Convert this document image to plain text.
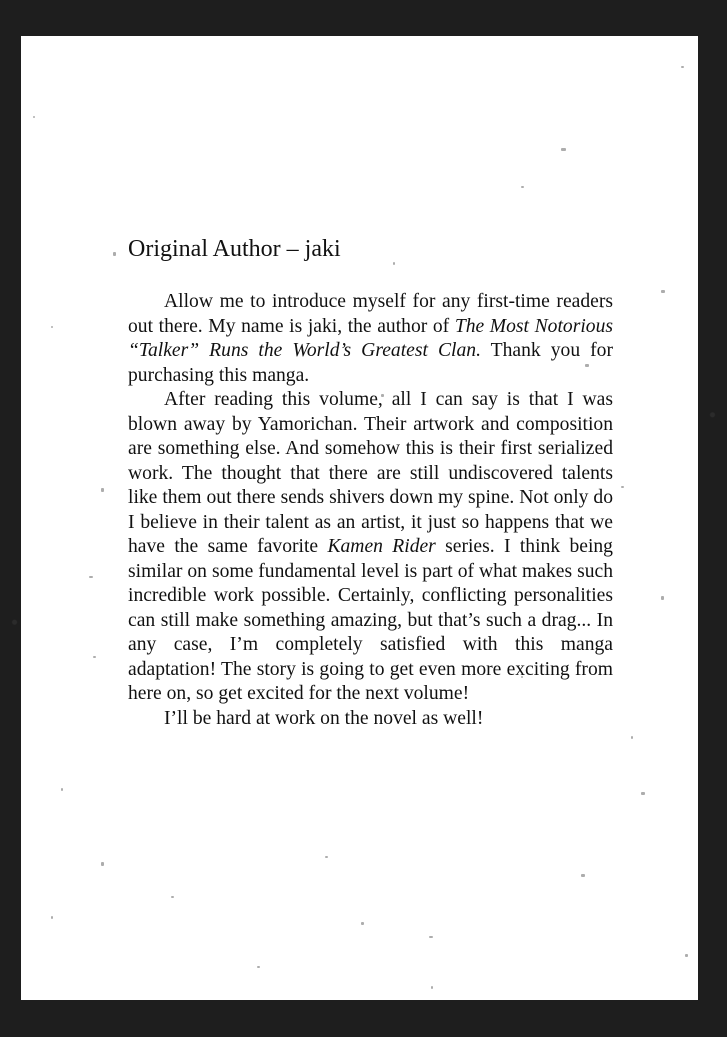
Original Author – jaki

Allow me to introduce myself for any first-time readers out there. My name is jaki, the author of The Most Notorious “Talker” Runs the World’s Greatest Clan. Thank you for purchasing this manga.

After reading this volume, all I can say is that I was blown away by Yamorichan. Their artwork and composition are something else. And somehow this is their first serialized work. The thought that there are still undiscovered talents like them out there sends shivers down my spine. Not only do I believe in their talent as an artist, it just so happens that we have the same favorite Kamen Rider series. I think being similar on some fundamental level is part of what makes such incredible work possible. Certainly, conflicting personalities can still make something amazing, but that’s such a drag... In any case, I’m completely satisfied with this manga adaptation! The story is going to get even more exciting from here on, so get excited for the next volume!

I’ll be hard at work on the novel as well!
